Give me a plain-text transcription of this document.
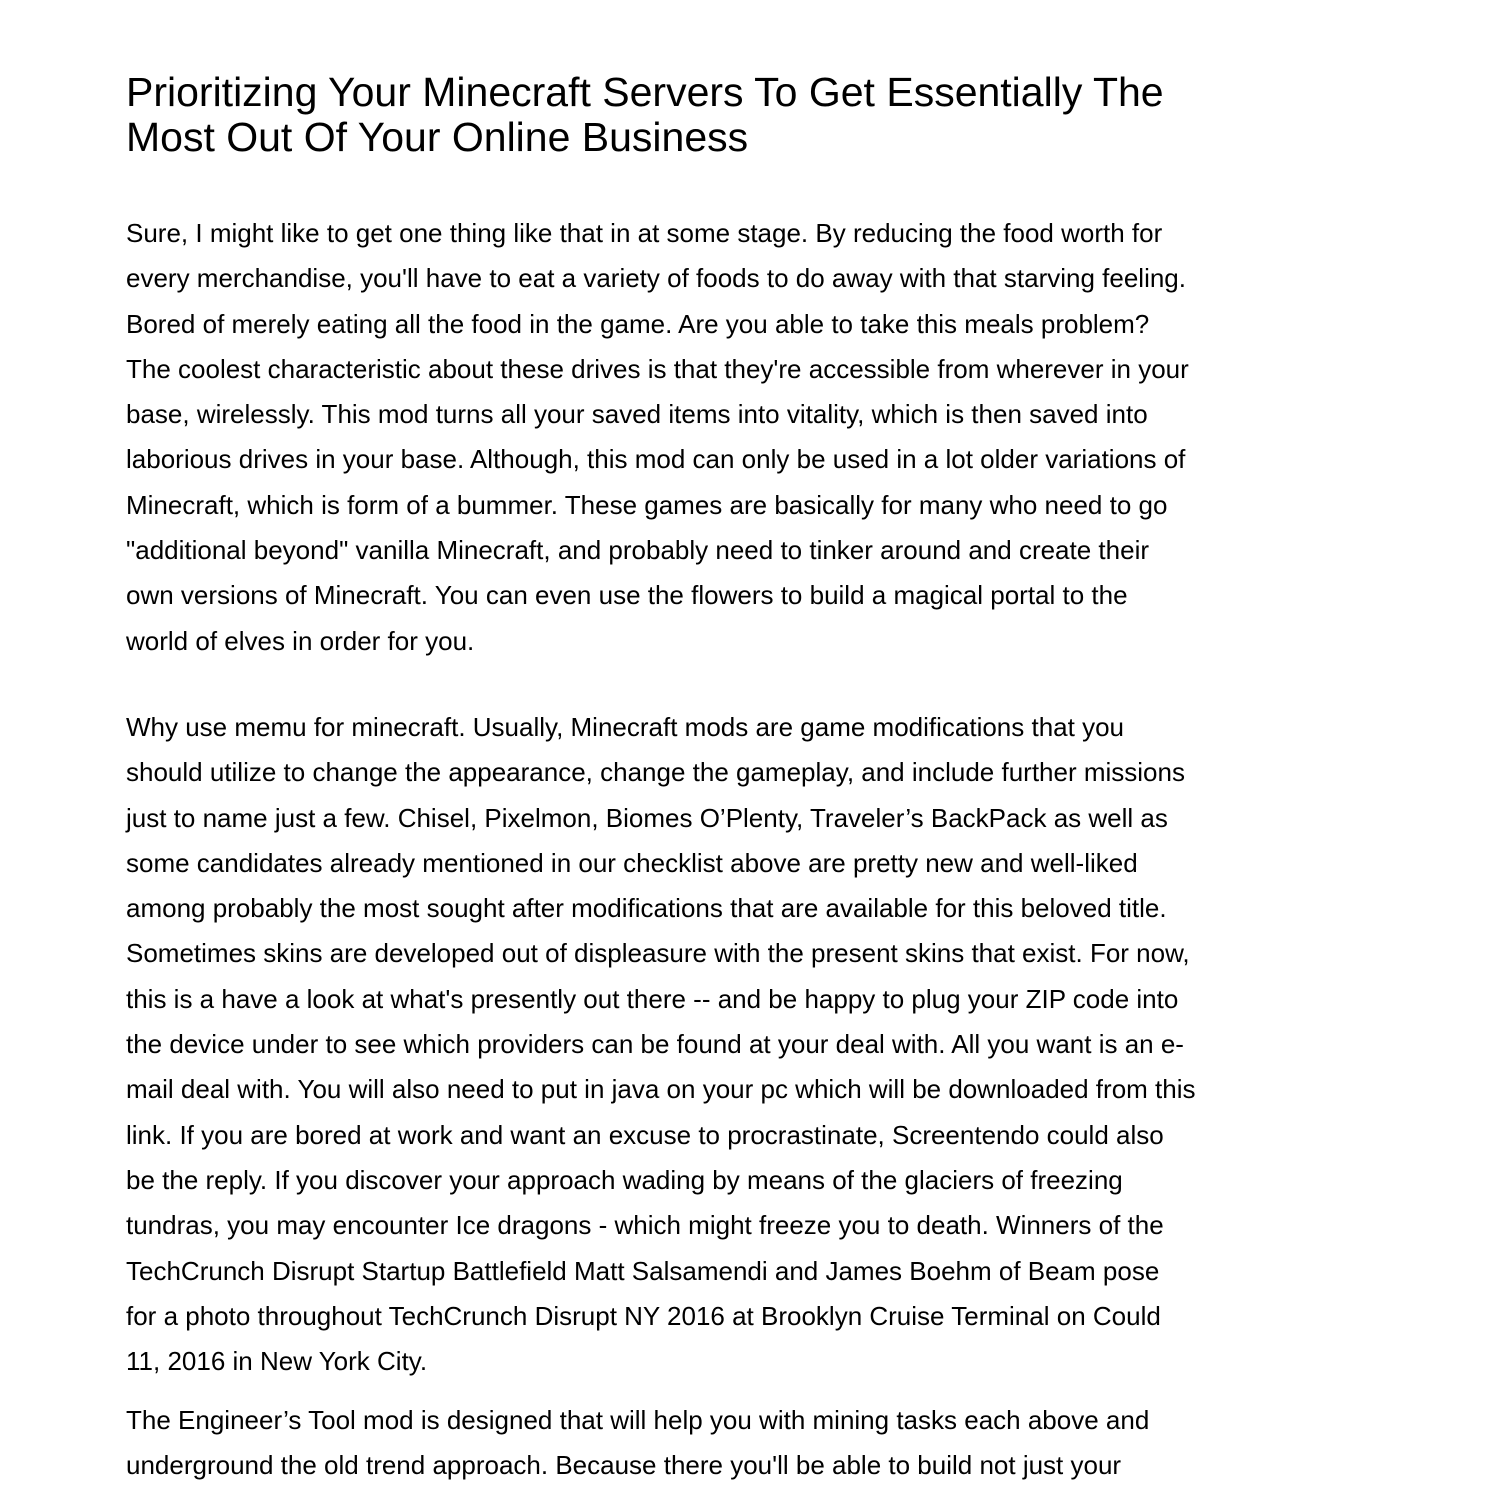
Prioritizing Your Minecraft Servers To Get Essentially The
Most Out Of Your Online Business

Sure, I might like to get one thing like that in at some stage. By reducing the food worth for
every merchandise, you'll have to eat a variety of foods to do away with that starving feeling.
Bored of merely eating all the food in the game. Are you able to take this meals problem?
The coolest characteristic about these drives is that they're accessible from wherever in your
base, wirelessly. This mod turns all your saved items into vitality, which is then saved into
laborious drives in your base. Although, this mod can only be used in a lot older variations of
Minecraft, which is form of a bummer. These games are basically for many who need to go
"additional beyond" vanilla Minecraft, and probably need to tinker around and create their
own versions of Minecraft. You can even use the flowers to build a magical portal to the
world of elves in order for you.

Why use memu for minecraft. Usually, Minecraft mods are game modifications that you
should utilize to change the appearance, change the gameplay, and include further missions
just to name just a few. Chisel, Pixelmon, Biomes O’Plenty, Traveler’s BackPack as well as
some candidates already mentioned in our checklist above are pretty new and well-liked
among probably the most sought after modifications that are available for this beloved title.
Sometimes skins are developed out of displeasure with the present skins that exist. For now,
this is a have a look at what's presently out there -- and be happy to plug your ZIP code into
the device under to see which providers can be found at your deal with. All you want is an e-
mail deal with. You will also need to put in java on your pc which will be downloaded from this
link. If you are bored at work and want an excuse to procrastinate, Screentendo could also
be the reply. If you discover your approach wading by means of the glaciers of freezing
tundras, you may encounter Ice dragons - which might freeze you to death. Winners of the
TechCrunch Disrupt Startup Battlefield Matt Salsamendi and James Boehm of Beam pose
for a photo throughout TechCrunch Disrupt NY 2016 at Brooklyn Cruise Terminal on Could
11, 2016 in New York City.

The Engineer’s Tool mod is designed that will help you with mining tasks each above and
underground the old trend approach. Because there you'll be able to build not just your
